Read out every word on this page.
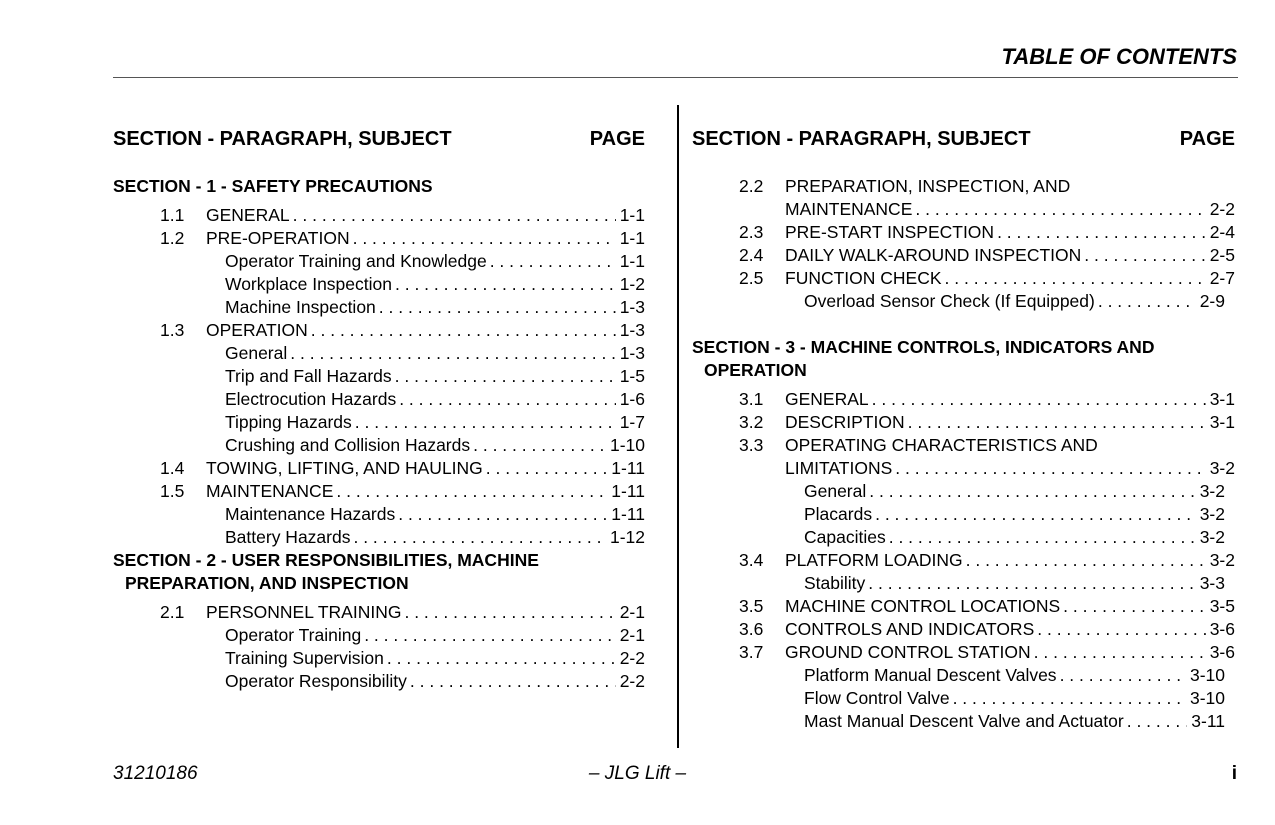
TABLE OF CONTENTS
SECTION - PARAGRAPH, SUBJECT	PAGE
SECTION - 1 - SAFETY PRECAUTIONS
1.1	GENERAL . . .	1-1
1.2	PRE-OPERATION . . .	1-1
Operator Training and Knowledge . . .	1-1
Workplace Inspection . . .	1-2
Machine Inspection . . .	1-3
1.3	OPERATION . . .	1-3
General . . .	1-3
Trip and Fall Hazards . . .	1-5
Electrocution Hazards . . .	1-6
Tipping Hazards . . .	1-7
Crushing and Collision Hazards . . .	1-10
1.4	TOWING, LIFTING, AND HAULING . . .	1-11
1.5	MAINTENANCE . . .	1-11
Maintenance Hazards . . .	1-11
Battery Hazards . . .	1-12
SECTION - 2 - USER RESPONSIBILITIES, MACHINE PREPARATION, AND INSPECTION
2.1	PERSONNEL TRAINING . . .	2-1
Operator Training . . .	2-1
Training Supervision . . .	2-2
Operator Responsibility . . .	2-2
SECTION - PARAGRAPH, SUBJECT	PAGE
2.2	PREPARATION, INSPECTION, AND
MAINTENANCE . . .	2-2
2.3	PRE-START INSPECTION . . .	2-4
2.4	DAILY WALK-AROUND INSPECTION . . .	2-5
2.5	FUNCTION CHECK . . .	2-7
Overload Sensor Check (If Equipped) . . .	2-9
SECTION - 3 - MACHINE CONTROLS, INDICATORS AND OPERATION
3.1	GENERAL . . .	3-1
3.2	DESCRIPTION . . .	3-1
3.3	OPERATING CHARACTERISTICS AND
LIMITATIONS . . .	3-2
General . . .	3-2
Placards . . .	3-2
Capacities . . .	3-2
3.4	PLATFORM LOADING . . .	3-2
Stability . . .	3-3
3.5	MACHINE CONTROL LOCATIONS . . .	3-5
3.6	CONTROLS AND INDICATORS . . .	3-6
3.7	GROUND CONTROL STATION . . .	3-6
Platform Manual Descent Valves . . .	3-10
Flow Control Valve . . .	3-10
Mast Manual Descent Valve and Actuator . . .	3-11
31210186	– JLG Lift –	i
